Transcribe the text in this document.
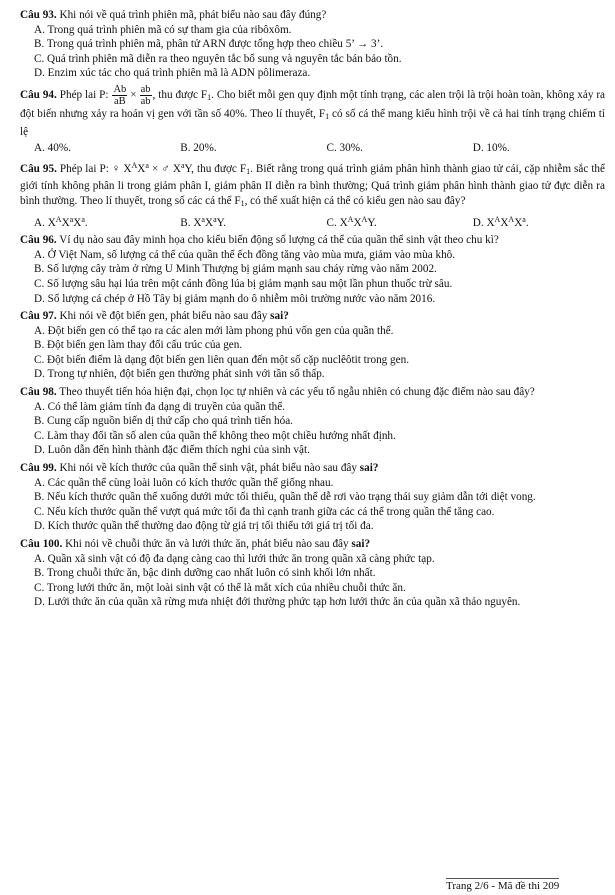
Câu 93. Khi nói về quá trình phiên mã, phát biểu nào sau đây đúng?

A. Trong quá trình phiên mã có sự tham gia của ribôxôm.

B. Trong quá trình phiên mã, phân tử ARN được tổng hợp theo chiều 5’ → 3’.

C. Quá trình phiên mã diễn ra theo nguyên tắc bổ sung và nguyên tắc bán bảo tồn.

D. Enzim xúc tác cho quá trình phiên mã là ADN pôlimeraza.

Câu 94. Phép lai P: $\frac{Ab}{aB} \times \frac{ab}{ab}$ , thu được $F_1$. Cho biết mỗi gen quy định một tính trạng, các alen trội là trội hoàn toàn, không xảy ra đột biến nhưng xảy ra hoán vị gen với tần số 40%. Theo lí thuyết, $F_1$ có số cá thể mang kiểu hình trội về cả hai tính trạng chiếm tỉ lệ

A. 40%.	B. 20%.	C. 30%.	D. 10%.

Câu 95. Phép lai P: ♀ $X^AX^a$ × ♂ $X^aY$, thu được $F_1$. Biết rằng trong quá trình giảm phân hình thành giao tử cái, cặp nhiễm sắc thể giới tính không phân li trong giảm phân I, giảm phân II diễn ra bình thường; Quá trình giảm phân hình thành giao tử đực diễn ra bình thường. Theo lí thuyết, trong số các cá thể $F_1$, có thể xuất hiện cá thể có kiểu gen nào sau đây?

A. $X^AX^aX^a$.	B. $X^aX^aY$.	C. $X^AX^AY$.	D. $X^AX^AX^a$.

Câu 96. Ví dụ nào sau đây minh họa cho kiểu biến động số lượng cá thể của quần thể sinh vật theo chu kì?

A. Ở Việt Nam, số lượng cá thể của quần thể ếch đồng tăng vào mùa mưa, giảm vào mùa khô.

B. Số lượng cây tràm ở rừng U Minh Thượng bị giảm mạnh sau cháy rừng vào năm 2002.

C. Số lượng sâu hại lúa trên một cánh đồng lúa bị giảm mạnh sau một lần phun thuốc trừ sâu.

D. Số lượng cá chép ở Hồ Tây bị giảm mạnh do ô nhiễm môi trường nước vào năm 2016.

Câu 97. Khi nói về đột biến gen, phát biểu nào sau đây sai?

A. Đột biến gen có thể tạo ra các alen mới làm phong phú vốn gen của quần thể.

B. Đột biến gen làm thay đổi cấu trúc của gen.

C. Đột biến điểm là dạng đột biến gen liên quan đến một số cặp nuclêôtit trong gen.

D. Trong tự nhiên, đột biến gen thường phát sinh với tần số thấp.

Câu 98. Theo thuyết tiến hóa hiện đại, chọn lọc tự nhiên và các yếu tố ngẫu nhiên có chung đặc điểm nào sau đây?

A. Có thể làm giảm tính đa dạng di truyền của quần thể.

B. Cung cấp nguồn biến dị thứ cấp cho quá trình tiến hóa.

C. Làm thay đổi tần số alen của quần thể không theo một chiều hướng nhất định.

D. Luôn dẫn đến hình thành đặc điểm thích nghi của sinh vật.

Câu 99. Khi nói về kích thước của quần thể sinh vật, phát biểu nào sau đây sai?

A. Các quần thể cùng loài luôn có kích thước quần thể giống nhau.

B. Nếu kích thước quần thể xuống dưới mức tối thiểu, quần thể dễ rơi vào trạng thái suy giảm dẫn tới diệt vong.

C. Nếu kích thước quần thể vượt quá mức tối đa thì cạnh tranh giữa các cá thể trong quần thể tăng cao.

D. Kích thước quần thể thường dao động từ giá trị tối thiểu tới giá trị tối đa.

Câu 100. Khi nói về chuỗi thức ăn và lưới thức ăn, phát biểu nào sau đây sai?

A. Quần xã sinh vật có độ đa dạng càng cao thì lưới thức ăn trong quần xã càng phức tạp.

B. Trong chuỗi thức ăn, bậc dinh dưỡng cao nhất luôn có sinh khối lớn nhất.

C. Trong lưới thức ăn, một loài sinh vật có thể là mắt xích của nhiều chuỗi thức ăn.

D. Lưới thức ăn của quần xã rừng mưa nhiệt đới thường phức tạp hơn lưới thức ăn của quần xã thảo nguyên.

Trang 2/6 - Mã đề thi 209
